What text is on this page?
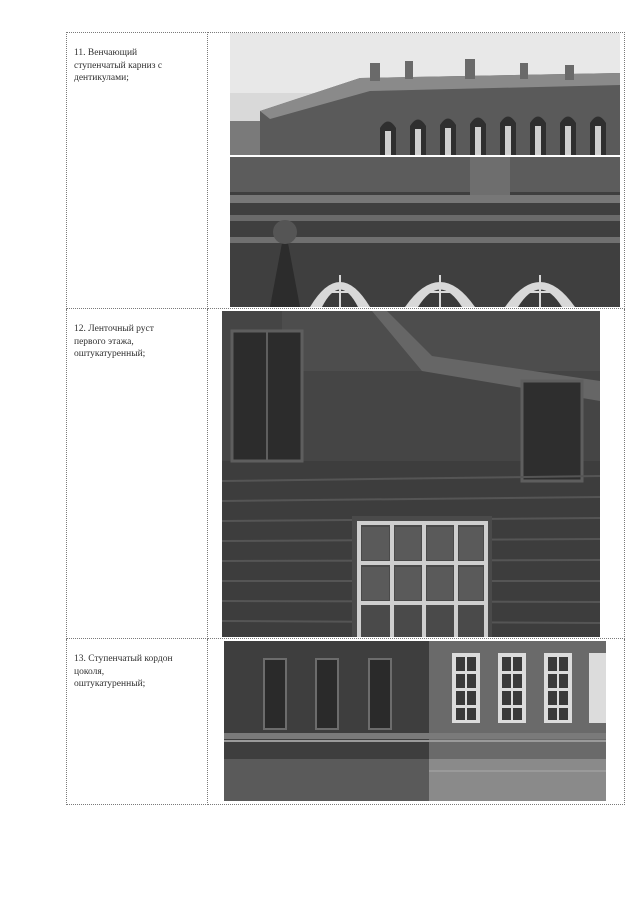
11. Венчающий
ступенчатый карниз с
дентикулами;

12. Ленточный руст
первого этажа,
оштукатуренный;

13. Ступенчатый кордон
цоколя,
оштукатуренный;
